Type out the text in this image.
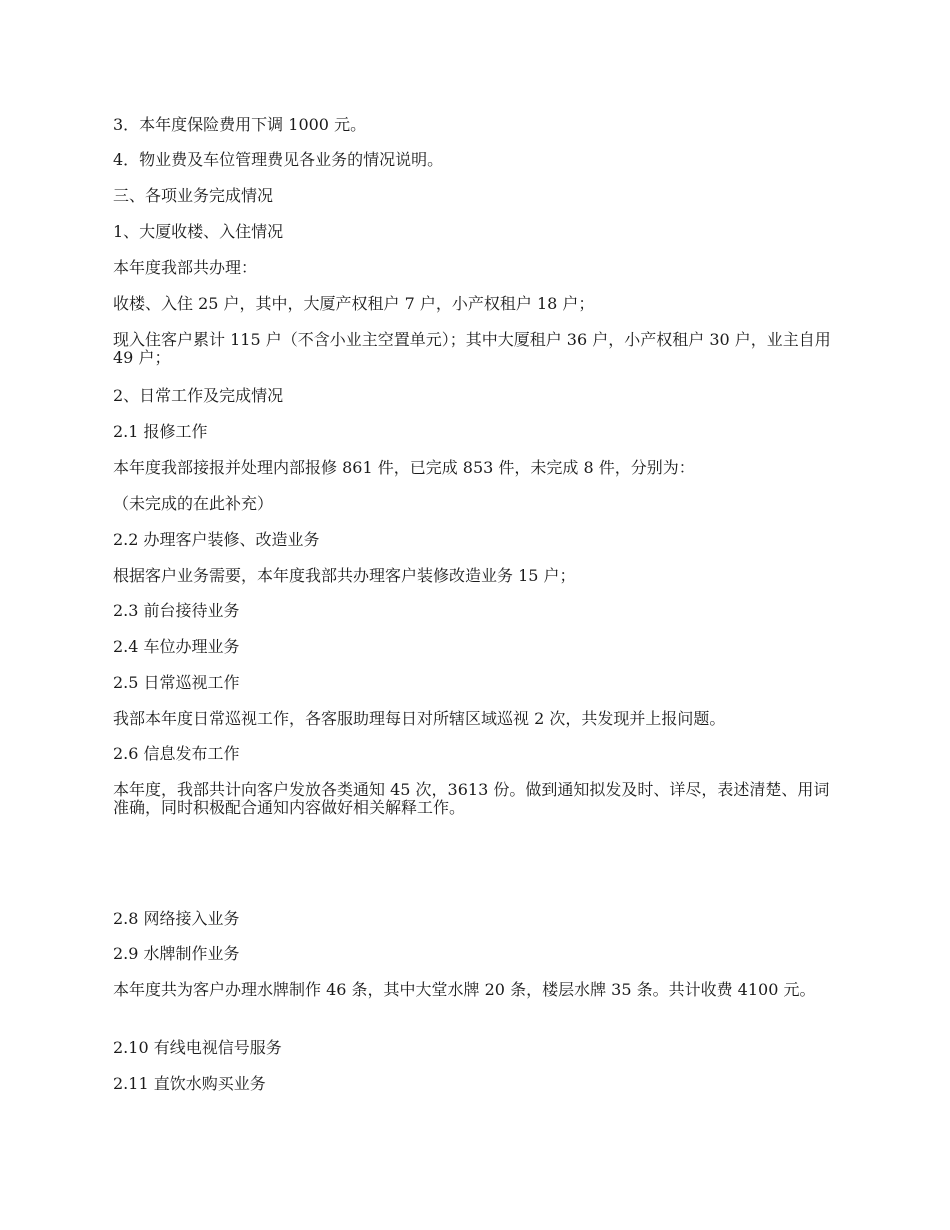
3．本年度保险费用下调 1000 元。
4．物业费及车位管理费见各业务的情况说明。
三、各项业务完成情况
1、大厦收楼、入住情况
本年度我部共办理：
收楼、入住 25 户，其中，大厦产权租户 7 户，小产权租户 18 户；
现入住客户累计 115 户（不含小业主空置单元）；其中大厦租户 36 户，小产权租户 30 户，业主自用 49 户；
2、日常工作及完成情况
2.1 报修工作
本年度我部接报并处理内部报修 861 件，已完成 853 件，未完成 8 件，分别为：
（未完成的在此补充）
2.2 办理客户装修、改造业务
根据客户业务需要，本年度我部共办理客户装修改造业务 15 户；
2.3 前台接待业务
2.4 车位办理业务
2.5 日常巡视工作
我部本年度日常巡视工作，各客服助理每日对所辖区域巡视 2 次，共发现并上报问题。
2.6 信息发布工作
本年度，我部共计向客户发放各类通知 45 次，3613 份。做到通知拟发及时、详尽，表述清楚、用词准确，同时积极配合通知内容做好相关解释工作。
2.8 网络接入业务
2.9 水牌制作业务
本年度共为客户办理水牌制作 46 条，其中大堂水牌 20 条，楼层水牌 35 条。共计收费 4100 元。
2.10 有线电视信号服务
2.11 直饮水购买业务
